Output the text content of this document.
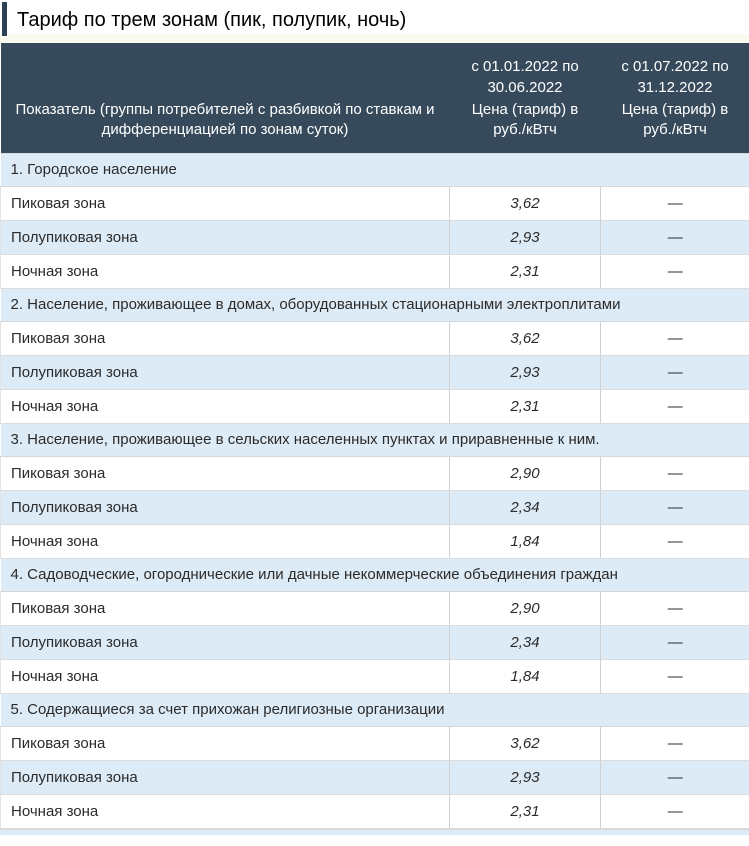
Тариф по трем зонам (пик, полупик, ночь)
	с 01.01.2022 по 30.06.2022	с 01.07.2022 по 31.12.2022
Показатель (группы потребителей с разбивкой по ставкам и дифференциацией по зонам суток)	Цена (тариф) в руб./кВтч	Цена (тариф) в руб./кВтч
1. Городское население		
Пиковая зона	3,62	—
Полупиковая зона	2,93	—
Ночная зона	2,31	—
2. Население, проживающее в домах, оборудованных стационарными электроплитами		
Пиковая зона	3,62	—
Полупиковая зона	2,93	—
Ночная зона	2,31	—
3. Население, проживающее в сельских населенных пунктах и приравненные к ним.		
Пиковая зона	2,90	—
Полупиковая зона	2,34	—
Ночная зона	1,84	—
4. Садоводческие, огороднические или дачные некоммерческие объединения граждан		
Пиковая зона	2,90	—
Полупиковая зона	2,34	—
Ночная зона	1,84	—
5. Содержащиеся за счет прихожан религиозные организации		
Пиковая зона	3,62	—
Полупиковая зона	2,93	—
Ночная зона	2,31	—
